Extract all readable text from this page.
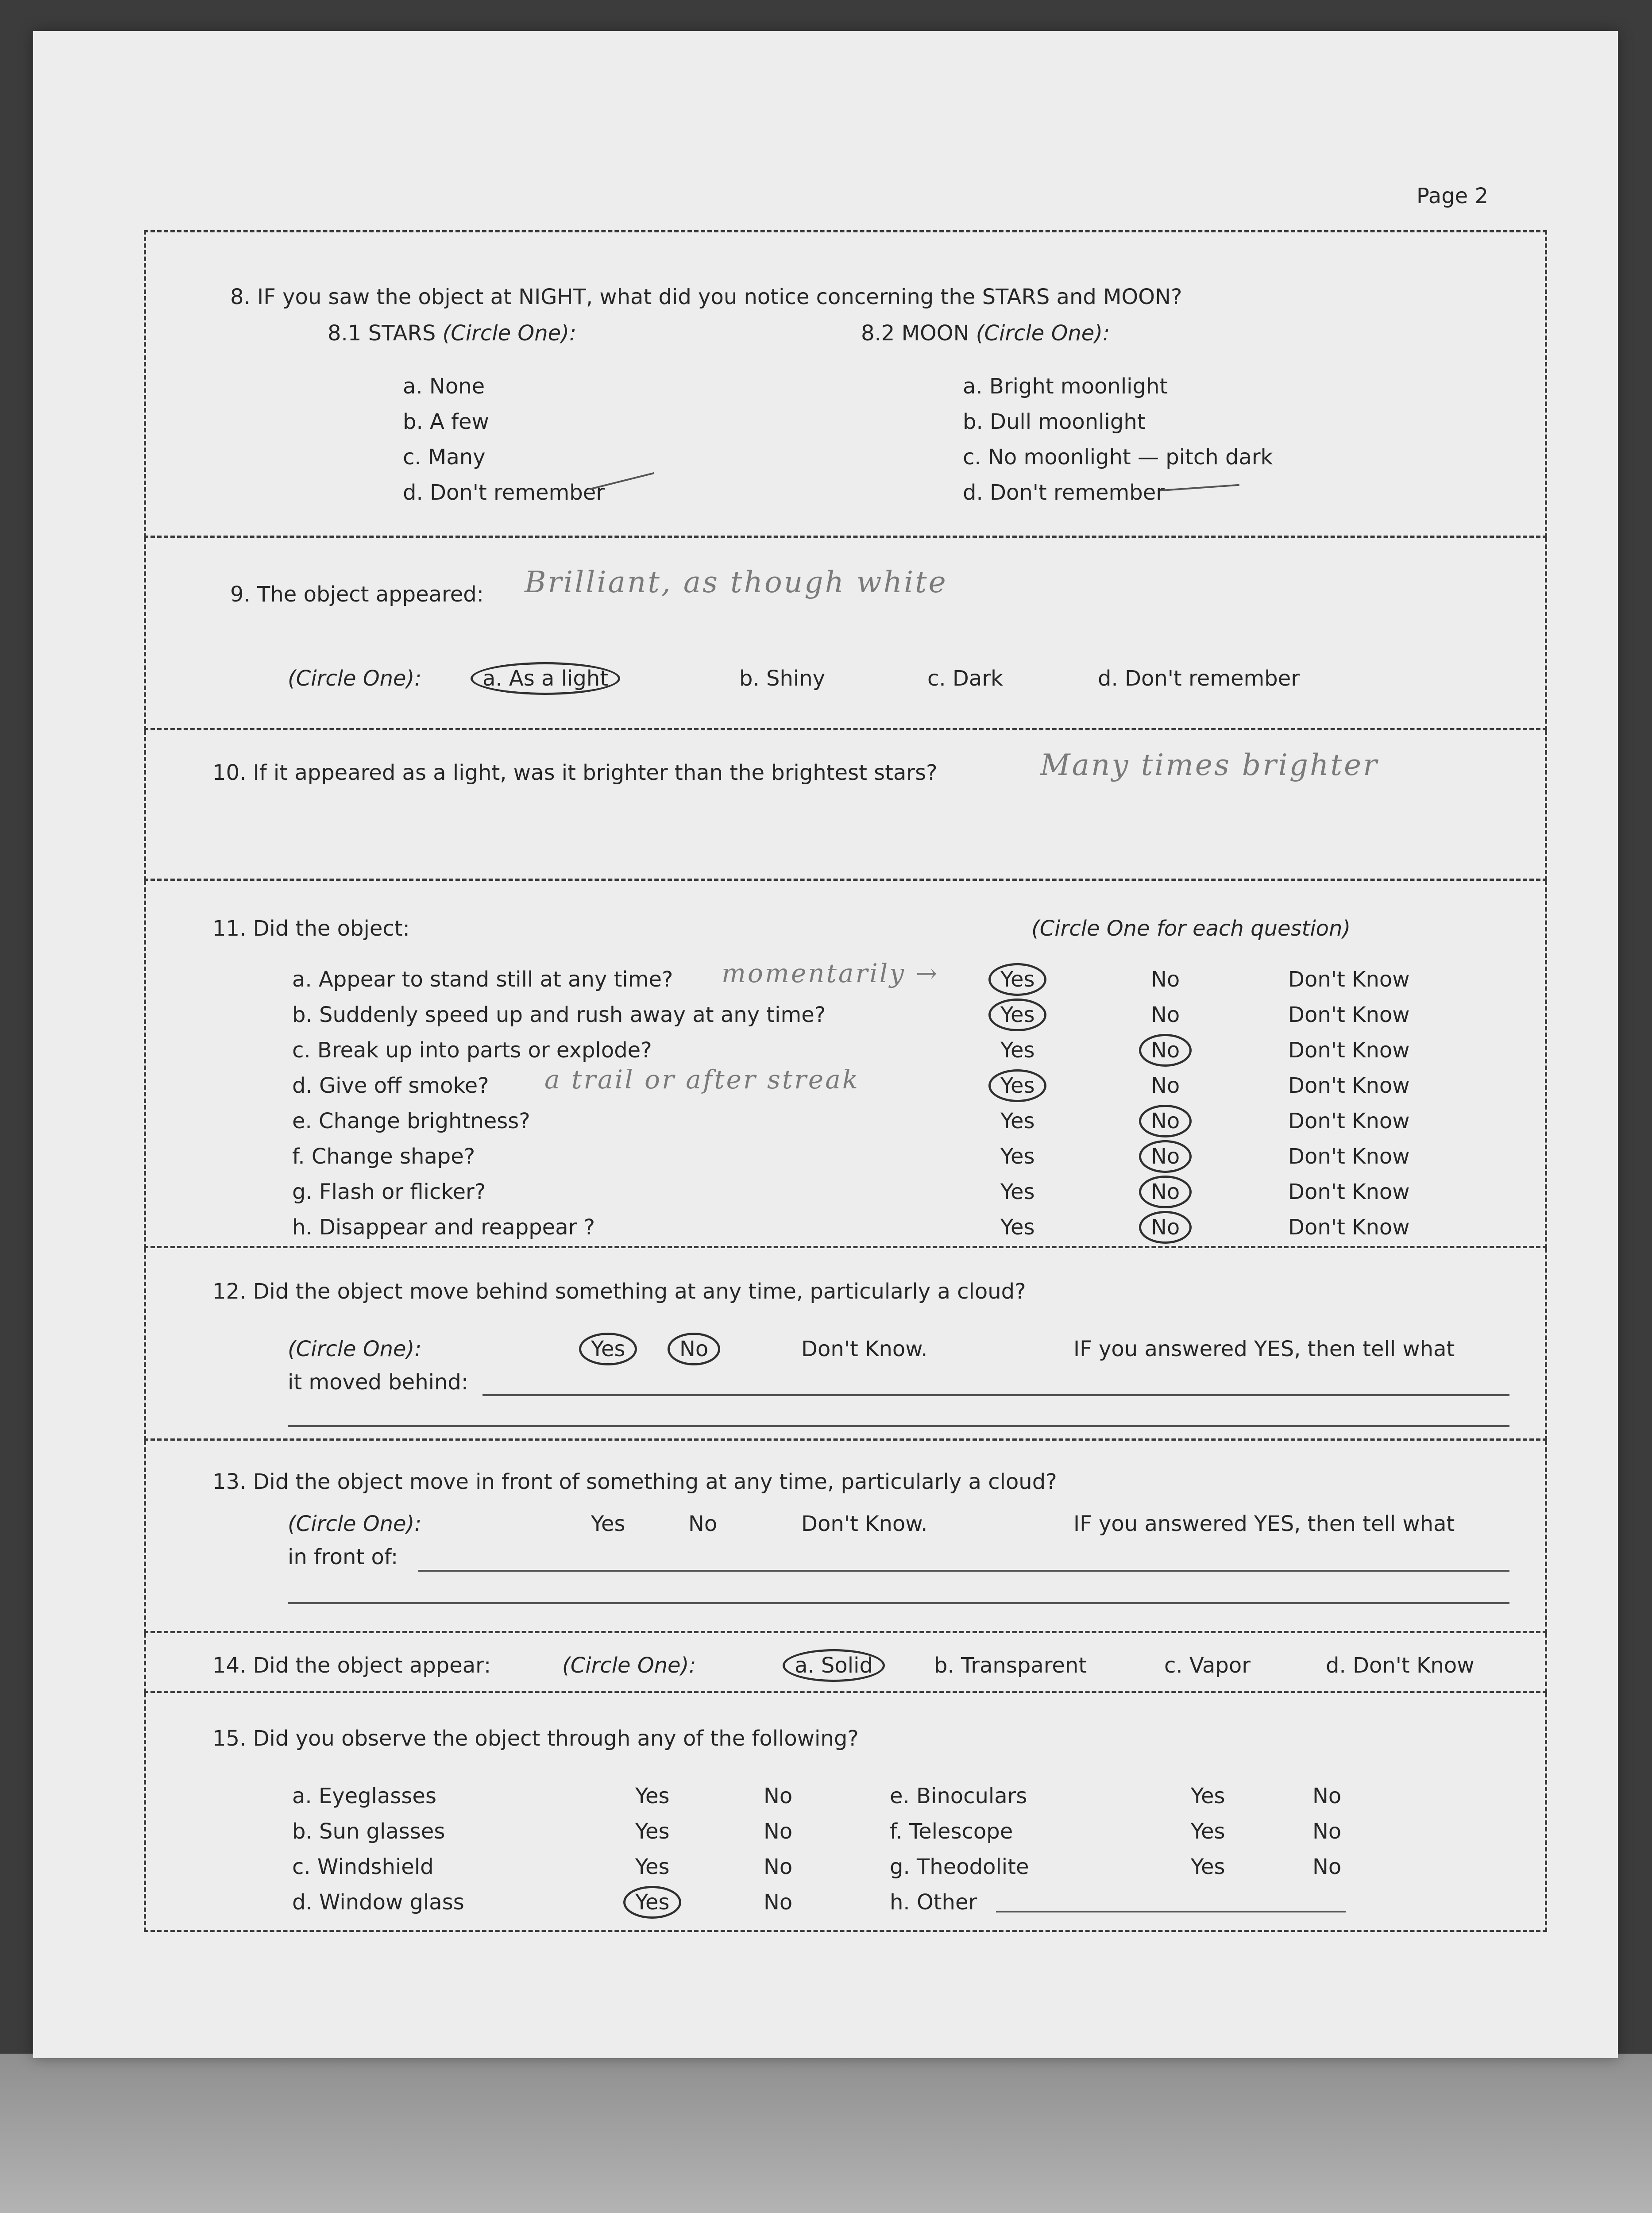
Page 2
8. IF you saw the object at NIGHT, what did you notice concerning the STARS and MOON?
8.1 STARS (Circle One):	8.2 MOON (Circle One):
a. None
b. A few
c. Many
d. Don't remember
a. Bright moonlight
b. Dull moonlight
c. No moonlight — pitch dark
d. Don't remember
9. The object appeared: Brilliant, as though white
(Circle One):	a. As a light	b. Shiny	c. Dark	d. Don't remember
10. If it appeared as a light, was it brighter than the brightest stars?	Many times brighter
11. Did the object:	(Circle One for each question)
momentarily →
a trail or after streak
a. Appear to stand still at any time?	Yes	No	Don't Know
b. Suddenly speed up and rush away at any time?	Yes	No	Don't Know
c. Break up into parts or explode?	Yes	No	Don't Know
d. Give off smoke?	Yes	No	Don't Know
e. Change brightness?	Yes	No	Don't Know
f. Change shape?	Yes	No	Don't Know
g. Flash or flicker?	Yes	No	Don't Know
h. Disappear and reappear ?	Yes	No	Don't Know
12. Did the object move behind something at any time, particularly a cloud?
(Circle One):	Yes	No	Don't Know.	IF you answered YES, then tell what
it moved behind:
13. Did the object move in front of something at any time, particularly a cloud?
(Circle One):	Yes	No	Don't Know.	IF you answered YES, then tell what
in front of:
14. Did the object appear:	(Circle One):	a. Solid	b. Transparent	c. Vapor	d. Don't Know
15. Did you observe the object through any of the following?
a. Eyeglasses	Yes	No
b. Sun glasses	Yes	No
c. Windshield	Yes	No
d. Window glass	Yes	No
e. Binoculars	Yes	No
f. Telescope	Yes	No
g. Theodolite	Yes	No
h. Other
